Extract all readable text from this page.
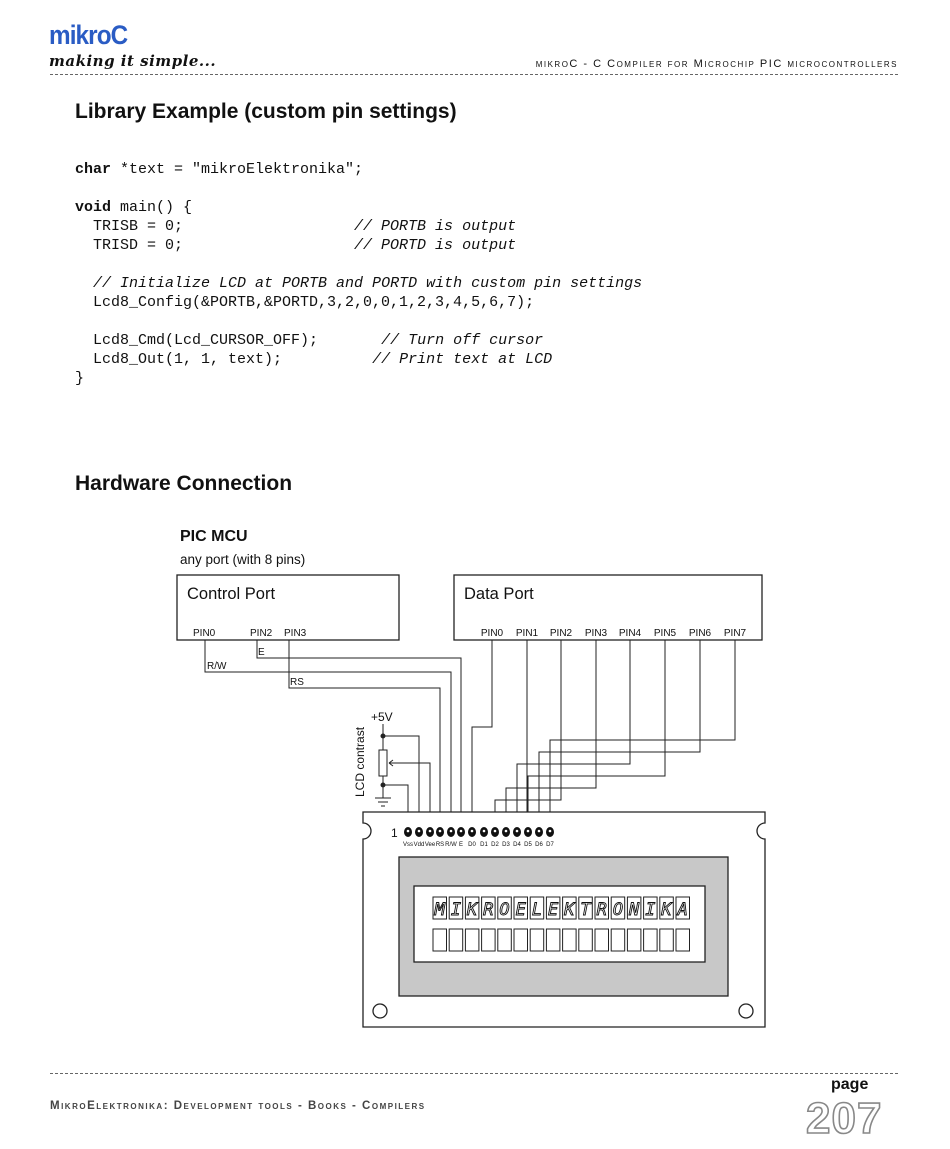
mikroC
making it simple...	mikroC - C Compiler for Microchip PIC microcontrollers
Library Example (custom pin settings)
char *text = "mikroElektronika";

void main() {
TRISB = 0;                   // PORTB is output
TRISD = 0;                   // PORTD is output

// Initialize LCD at PORTB and PORTD with custom pin settings
Lcd8_Config(&PORTB,&PORTD,3,2,0,0,1,2,3,4,5,6,7);

Lcd8_Cmd(Lcd_CURSOR_OFF);       // Turn off cursor
Lcd8_Out(1, 1, text);          // Print text at LCD
}
Hardware Connection
PIC MCU
any port (with 8 pins)
Control Port
PIN0	PIN2 PIN3
Data Port
PIN0 PIN1 PIN2 PIN3 PIN4 PIN5 PIN6 PIN7
R/W
E
RS
+5V
LCD contrast
M I K R O E L E K T R O N I K A
1
Vss Vdd Vee RS R/W E D0 D1 D2 D3 D4 D5 D6 D7
MikroElektronika: Development tools - Books - Compilers
page
207
